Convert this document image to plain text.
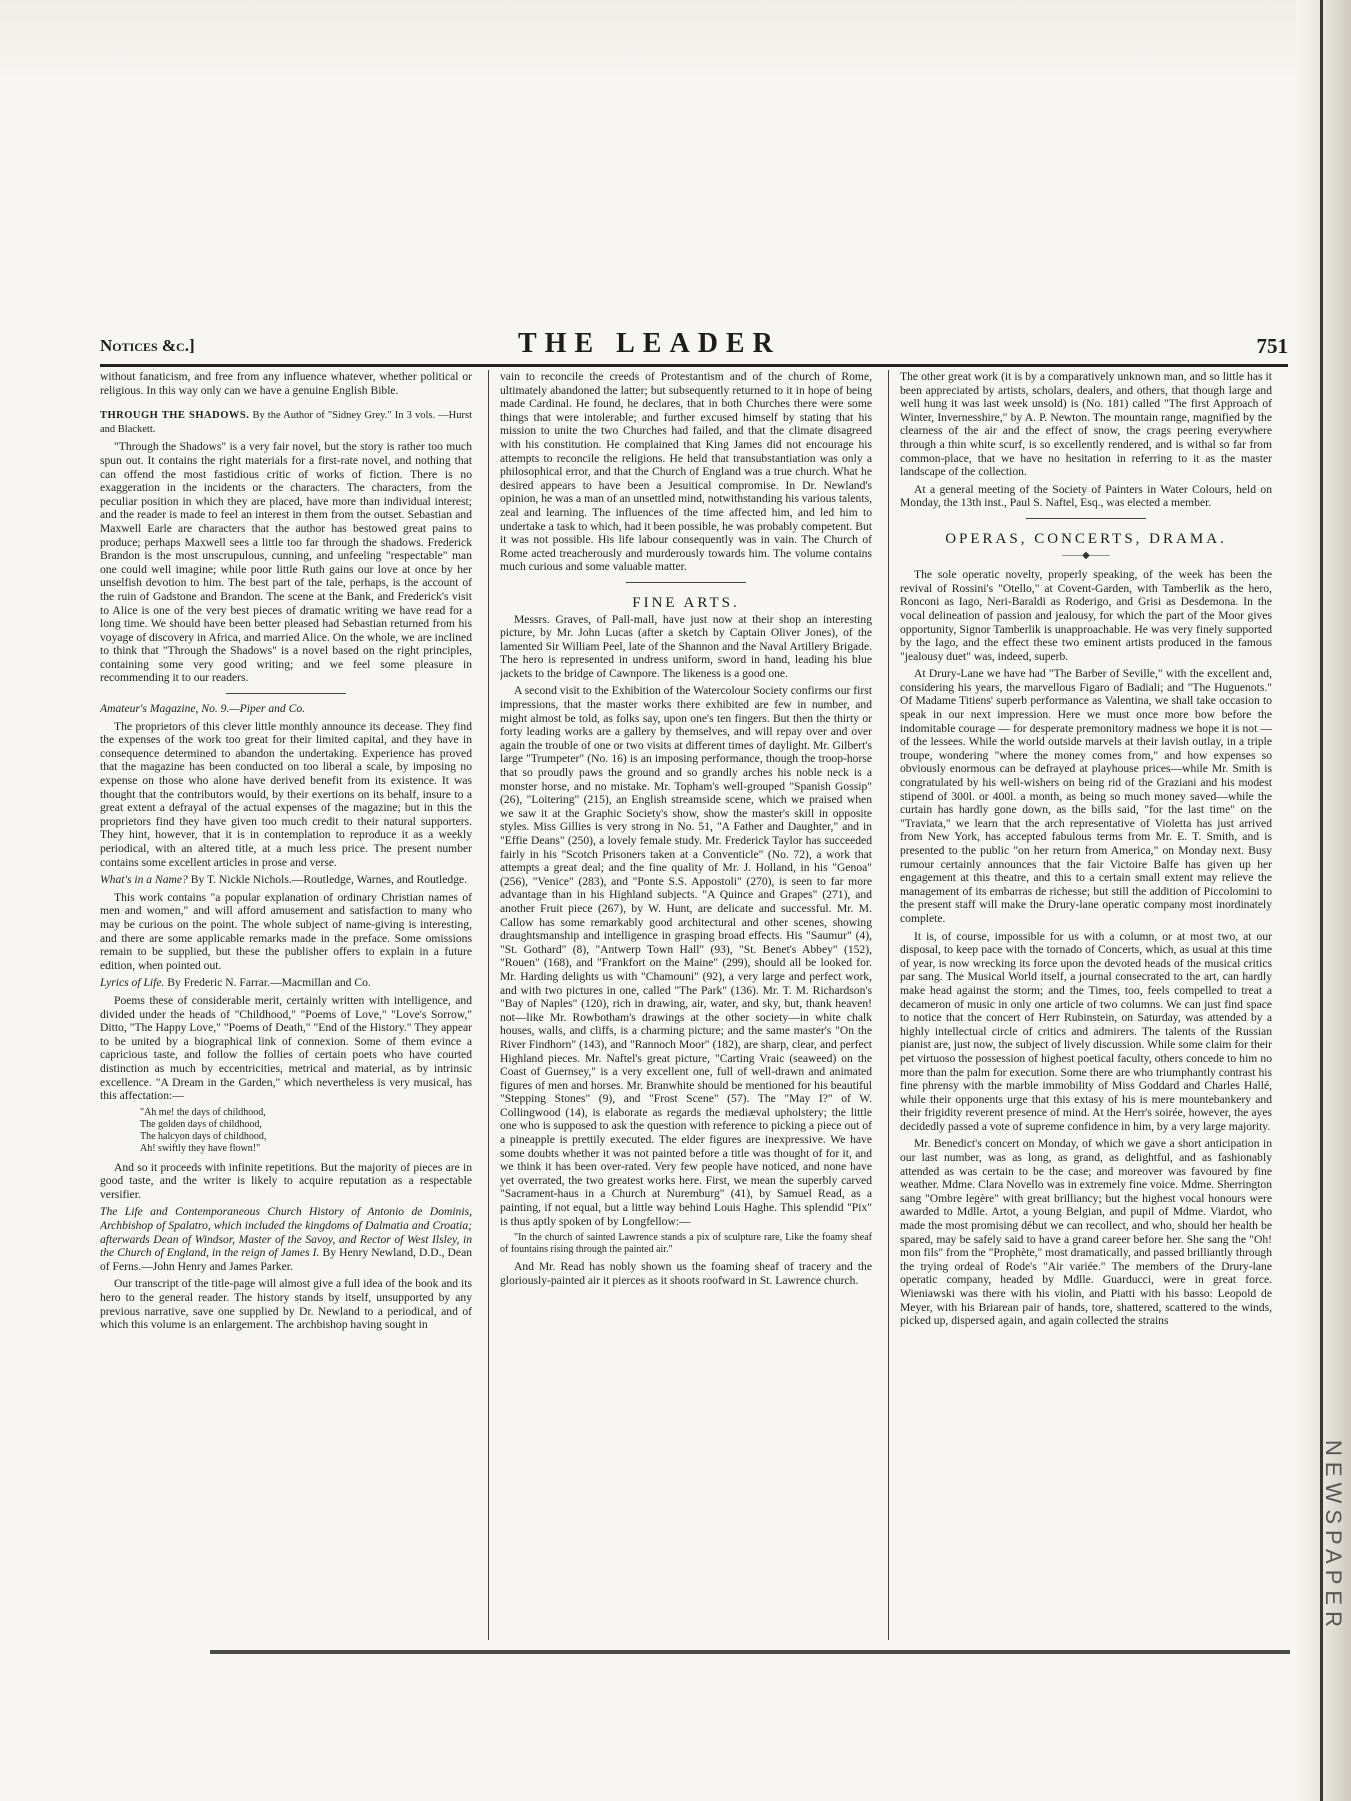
NEWSPAPER
Notices &c.]	THE LEADER	751

without fanaticism, and free from any influence whatever, whether political or religious. In this way only can we have a genuine English Bible.

THROUGH THE SHADOWS. By the Author of "Sidney Grey." In 3 vols. —Hurst and Blackett.

"Through the Shadows" is a very fair novel, but the story is rather too much spun out. It contains the right materials for a first-rate novel, and nothing that can offend the most fastidious critic of works of fiction. There is no exaggeration in the incidents or the characters. The characters, from the peculiar position in which they are placed, have more than individual interest; and the reader is made to feel an interest in them from the outset. Sebastian and Maxwell Earle are characters that the author has bestowed great pains to produce; perhaps Maxwell sees a little too far through the shadows. Frederick Brandon is the most unscrupulous, cunning, and unfeeling "respectable" man one could well imagine; while poor little Ruth gains our love at once by her unselfish devotion to him. The best part of the tale, perhaps, is the account of the ruin of Gadstone and Brandon. The scene at the Bank, and Frederick's visit to Alice is one of the very best pieces of dramatic writing we have read for a long time. We should have been better pleased had Sebastian returned from his voyage of discovery in Africa, and married Alice. On the whole, we are inclined to think that "Through the Shadows" is a novel based on the right principles, containing some very good writing; and we feel some pleasure in recommending it to our readers.

Amateur's Magazine, No. 9.—Piper and Co.

The proprietors of this clever little monthly announce its decease. They find the expenses of the work too great for their limited capital, and they have in consequence determined to abandon the undertaking. Experience has proved that the magazine has been conducted on too liberal a scale, by imposing no expense on those who alone have derived benefit from its existence. It was thought that the contributors would, by their exertions on its behalf, insure to a great extent a defrayal of the actual expenses of the magazine; but in this the proprietors find they have given too much credit to their natural supporters. They hint, however, that it is in contemplation to reproduce it as a weekly periodical, with an altered title, at a much less price. The present number contains some excellent articles in prose and verse.

What's in a Name? By T. Nickle Nichols.—Routledge, Warnes, and Routledge.

This work contains "a popular explanation of ordinary Christian names of men and women," and will afford amusement and satisfaction to many who may be curious on the point. The whole subject of name-giving is interesting, and there are some applicable remarks made in the preface. Some omissions remain to be supplied, but these the publisher offers to explain in a future edition, when pointed out.

Lyrics of Life. By Frederic N. Farrar.—Macmillan and Co.

Poems these of considerable merit, certainly written with intelligence, and divided under the heads of "Childhood," "Poems of Love," "Love's Sorrow," Ditto, "The Happy Love," "Poems of Death," "End of the History." They appear to be united by a biographical link of connexion. Some of them evince a capricious taste, and follow the follies of certain poets who have courted distinction as much by eccentricities, metrical and material, as by intrinsic excellence. "A Dream in the Garden," which nevertheless is very musical, has this affectation:—

"Ah me! the days of childhood,
The golden days of childhood,
The halcyon days of childhood,
Ah! swiftly they have flown!"

And so it proceeds with infinite repetitions. But the majority of pieces are in good taste, and the writer is likely to acquire reputation as a respectable versifier.

The Life and Contemporaneous Church History of Antonio de Dominis, Archbishop of Spalatro, which included the kingdoms of Dalmatia and Croatia; afterwards Dean of Windsor, Master of the Savoy, and Rector of West Ilsley, in the Church of England, in the reign of James I. By Henry Newland, D.D., Dean of Ferns.—John Henry and James Parker.

Our transcript of the title-page will almost give a full idea of the book and its hero to the general reader. The history stands by itself, unsupported by any previous narrative, save one supplied by Dr. Newland to a periodical, and of which this volume is an enlargement. The archbishop having sought in

vain to reconcile the creeds of Protestantism and of the church of Rome, ultimately abandoned the latter; but subsequently returned to it in hope of being made Cardinal. He found, he declares, that in both Churches there were some things that were intolerable; and further excused himself by stating that his mission to unite the two Churches had failed, and that the climate disagreed with his constitution. He complained that King James did not encourage his attempts to reconcile the religions. He held that transubstantiation was only a philosophical error, and that the Church of England was a true church. What he desired appears to have been a Jesuitical compromise. In Dr. Newland's opinion, he was a man of an unsettled mind, notwithstanding his various talents, zeal and learning. The influences of the time affected him, and led him to undertake a task to which, had it been possible, he was probably competent. But it was not possible. His life labour consequently was in vain. The Church of Rome acted treacherously and murderously towards him. The volume contains much curious and some valuable matter.

FINE ARTS.

Messrs. Graves, of Pall-mall, have just now at their shop an interesting picture, by Mr. John Lucas (after a sketch by Captain Oliver Jones), of the lamented Sir William Peel, late of the Shannon and the Naval Artillery Brigade. The hero is represented in undress uniform, sword in hand, leading his blue jackets to the bridge of Cawnpore. The likeness is a good one.

A second visit to the Exhibition of the Watercolour Society confirms our first impressions, that the master works there exhibited are few in number, and might almost be told, as folks say, upon one's ten fingers. But then the thirty or forty leading works are a gallery by themselves, and will repay over and over again the trouble of one or two visits at different times of daylight. Mr. Gilbert's large "Trumpeter" (No. 16) is an imposing performance, though the troop-horse that so proudly paws the ground and so grandly arches his noble neck is a monster horse, and no mistake. Mr. Topham's well-grouped "Spanish Gossip" (26), "Loitering" (215), an English streamside scene, which we praised when we saw it at the Graphic Society's show, show the master's skill in opposite styles. Miss Gillies is very strong in No. 51, "A Father and Daughter," and in "Effie Deans" (250), a lovely female study. Mr. Frederick Taylor has succeeded fairly in his "Scotch Prisoners taken at a Conventicle" (No. 72), a work that attempts a great deal; and the fine quality of Mr. J. Holland, in his "Genoa" (256), "Venice" (283), and "Ponte S.S. Appostoli" (270), is seen to far more advantage than in his Highland subjects. "A Quince and Grapes" (271), and another Fruit piece (267), by W. Hunt, are delicate and successful. Mr. M. Callow has some remarkably good architectural and other scenes, showing draughtsmanship and intelligence in grasping broad effects. His "Saumur" (4), "St. Gothard" (8), "Antwerp Town Hall" (93), "St. Benet's Abbey" (152), "Rouen" (168), and "Frankfort on the Maine" (299), should all be looked for. Mr. Harding delights us with "Chamouni" (92), a very large and perfect work, and with two pictures in one, called "The Park" (136). Mr. T. M. Richardson's "Bay of Naples" (120), rich in drawing, air, water, and sky, but, thank heaven! not—like Mr. Rowbotham's drawings at the other society—in white chalk houses, walls, and cliffs, is a charming picture; and the same master's "On the River Findhorn" (143), and "Rannoch Moor" (182), are sharp, clear, and perfect Highland pieces. Mr. Naftel's great picture, "Carting Vraic (seaweed) on the Coast of Guernsey," is a very excellent one, full of well-drawn and animated figures of men and horses. Mr. Branwhite should be mentioned for his beautiful "Stepping Stones" (9), and "Frost Scene" (57). The "May I?" of W. Collingwood (14), is elaborate as regards the mediæval upholstery; the little one who is supposed to ask the question with reference to picking a piece out of a pineapple is prettily executed. The elder figures are inexpressive. We have some doubts whether it was not painted before a title was thought of for it, and we think it has been over-rated. Very few people have noticed, and none have yet overrated, the two greatest works here. First, we mean the superbly carved "Sacrament-haus in a Church at Nuremburg" (41), by Samuel Read, as a painting, if not equal, but a little way behind Louis Haghe. This splendid "Pix" is thus aptly spoken of by Longfellow:—

"In the church of sainted Lawrence stands a pix of sculpture rare, Like the foamy sheaf of fountains rising through the painted air."

And Mr. Read has nobly shown us the foaming sheaf of tracery and the gloriously-painted air it pierces as it shoots roofward in St. Lawrence church.

The other great work (it is by a comparatively unknown man, and so little has it been appreciated by artists, scholars, dealers, and others, that though large and well hung it was last week unsold) is (No. 181) called "The first Approach of Winter, Invernesshire," by A. P. Newton. The mountain range, magnified by the clearness of the air and the effect of snow, the crags peering everywhere through a thin white scurf, is so excellently rendered, and is withal so far from common-place, that we have no hesitation in referring to it as the master landscape of the collection.

At a general meeting of the Society of Painters in Water Colours, held on Monday, the 13th inst., Paul S. Naftel, Esq., was elected a member.

OPERAS, CONCERTS, DRAMA.
——◆——

The sole operatic novelty, properly speaking, of the week has been the revival of Rossini's "Otello," at Covent-Garden, with Tamberlik as the hero, Ronconi as Iago, Neri-Baraldi as Roderigo, and Grisi as Desdemona. In the vocal delineation of passion and jealousy, for which the part of the Moor gives opportunity, Signor Tamberlik is unapproachable. He was very finely supported by the Iago, and the effect these two eminent artists produced in the famous "jealousy duet" was, indeed, superb.

At Drury-Lane we have had "The Barber of Seville," with the excellent and, considering his years, the marvellous Figaro of Badiali; and "The Huguenots." Of Madame Titiens' superb performance as Valentina, we shall take occasion to speak in our next impression. Here we must once more bow before the indomitable courage — for desperate premonitory madness we hope it is not — of the lessees. While the world outside marvels at their lavish outlay, in a triple troupe, wondering "where the money comes from," and how expenses so obviously enormous can be defrayed at playhouse prices—while Mr. Smith is congratulated by his well-wishers on being rid of the Graziani and his modest stipend of 300l. or 400l. a month, as being so much money saved—while the curtain has hardly gone down, as the bills said, "for the last time" on the "Traviata," we learn that the arch representative of Violetta has just arrived from New York, has accepted fabulous terms from Mr. E. T. Smith, and is presented to the public "on her return from America," on Monday next. Busy rumour certainly announces that the fair Victoire Balfe has given up her engagement at this theatre, and this to a certain small extent may relieve the management of its embarras de richesse; but still the addition of Piccolomini to the present staff will make the Drury-lane operatic company most inordinately complete.

It is, of course, impossible for us with a column, or at most two, at our disposal, to keep pace with the tornado of Concerts, which, as usual at this time of year, is now wrecking its force upon the devoted heads of the musical critics par sang. The Musical World itself, a journal consecrated to the art, can hardly make head against the storm; and the Times, too, feels compelled to treat a decameron of music in only one article of two columns. We can just find space to notice that the concert of Herr Rubinstein, on Saturday, was attended by a highly intellectual circle of critics and admirers. The talents of the Russian pianist are, just now, the subject of lively discussion. While some claim for their pet virtuoso the possession of highest poetical faculty, others concede to him no more than the palm for execution. Some there are who triumphantly contrast his fine phrensy with the marble immobility of Miss Goddard and Charles Hallé, while their opponents urge that this extasy of his is mere mountebankery and their frigidity reverent presence of mind. At the Herr's soirée, however, the ayes decidedly passed a vote of supreme confidence in him, by a very large majority.

Mr. Benedict's concert on Monday, of which we gave a short anticipation in our last number, was as long, as grand, as delightful, and as fashionably attended as was certain to be the case; and moreover was favoured by fine weather. Mdme. Clara Novello was in extremely fine voice. Mdme. Sherrington sang "Ombre legère" with great brilliancy; but the highest vocal honours were awarded to Mdlle. Artot, a young Belgian, and pupil of Mdme. Viardot, who made the most promising début we can recollect, and who, should her health be spared, may be safely said to have a grand career before her. She sang the "Oh! mon fils" from the "Prophète," most dramatically, and passed brilliantly through the trying ordeal of Rode's "Air variée." The members of the Drury-lane operatic company, headed by Mdlle. Guarducci, were in great force. Wieniawski was there with his violin, and Piatti with his basso: Leopold de Meyer, with his Briarean pair of hands, tore, shattered, scattered to the winds, picked up, dispersed again, and again collected the strains
